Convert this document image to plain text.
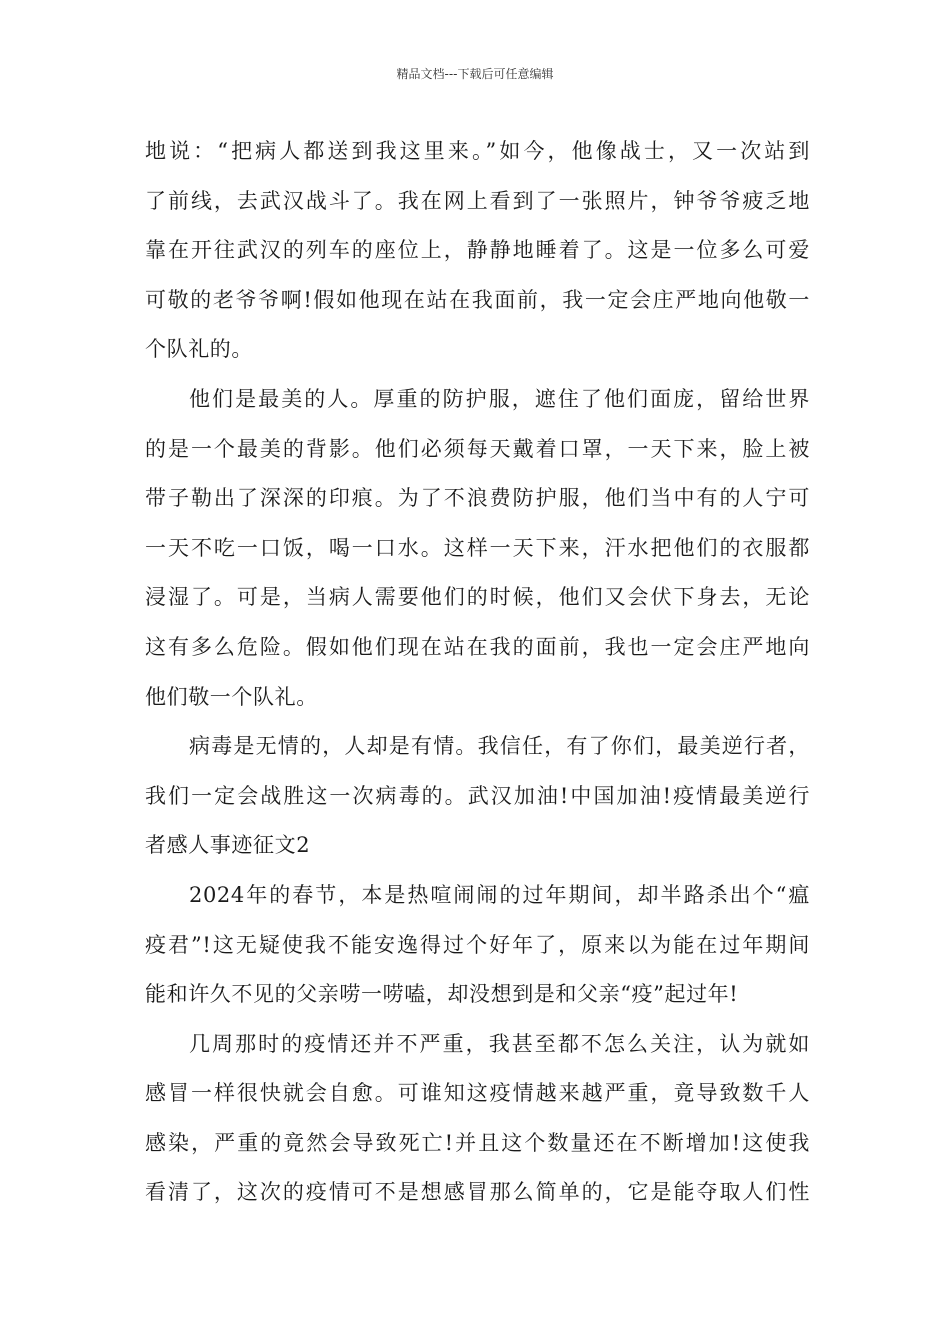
精品文档---下载后可任意编辑
地说：“把病人都送到我这里来。”如今，他像战士，又一次站到
了前线，去武汉战斗了。我在网上看到了一张照片，钟爷爷疲乏地
靠在开往武汉的列车的座位上，静静地睡着了。这是一位多么可爱
可敬的老爷爷啊!假如他现在站在我面前，我一定会庄严地向他敬一
个队礼的。
他们是最美的人。厚重的防护服，遮住了他们面庞，留给世界
的是一个最美的背影。他们必须每天戴着口罩，一天下来，脸上被
带子勒出了深深的印痕。为了不浪费防护服，他们当中有的人宁可
一天不吃一口饭，喝一口水。这样一天下来，汗水把他们的衣服都
浸湿了。可是，当病人需要他们的时候，他们又会伏下身去，无论
这有多么危险。假如他们现在站在我的面前，我也一定会庄严地向
他们敬一个队礼。
病毒是无情的，人却是有情。我信任，有了你们，最美逆行者，
我们一定会战胜这一次病毒的。武汉加油!中国加油!疫情最美逆行
者感人事迹征文2
2024年的春节，本是热喧闹闹的过年期间，却半路杀出个“瘟
疫君”!这无疑使我不能安逸得过个好年了，原来以为能在过年期间
能和许久不见的父亲唠一唠嗑，却没想到是和父亲“疫”起过年!
几周那时的疫情还并不严重，我甚至都不怎么关注，认为就如
感冒一样很快就会自愈。可谁知这疫情越来越严重，竟导致数千人
感染，严重的竟然会导致死亡!并且这个数量还在不断增加!这使我
看清了，这次的疫情可不是想感冒那么简单的，它是能夺取人们性
